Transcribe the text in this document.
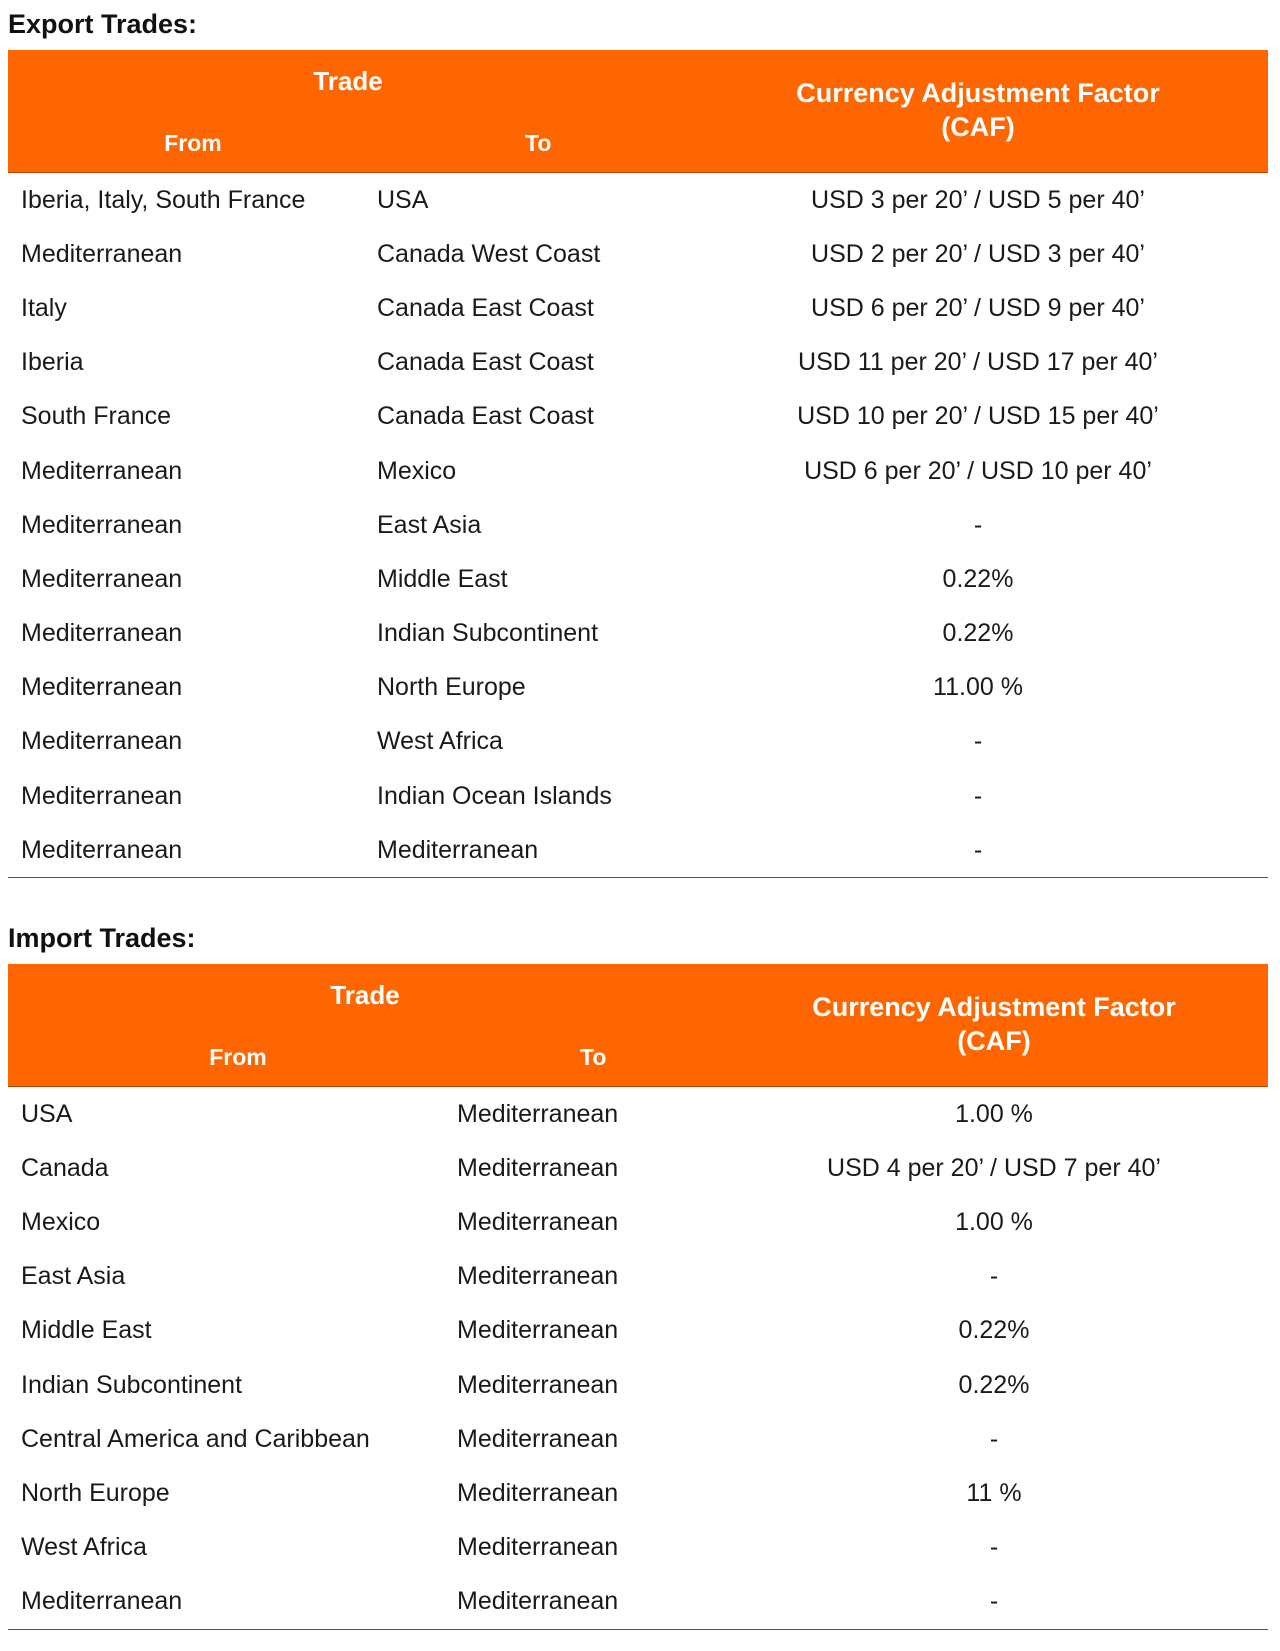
Export Trades:
Trade
From	To
Currency Adjustment Factor
(CAF)
Iberia, Italy, South France	USA	USD 3 per 20’ / USD 5 per 40’
Mediterranean	Canada West Coast	USD 2 per 20’ / USD 3 per 40’
Italy	Canada East Coast	USD 6 per 20’ / USD 9 per 40’
Iberia	Canada East Coast	USD 11 per 20’ / USD 17 per 40’
South France	Canada East Coast	USD 10 per 20’ / USD 15 per 40’
Mediterranean	Mexico	USD 6 per 20’ / USD 10 per 40’
Mediterranean	East Asia	-
Mediterranean	Middle East	0.22%
Mediterranean	Indian Subcontinent	0.22%
Mediterranean	North Europe	11.00 %
Mediterranean	West Africa	-
Mediterranean	Indian Ocean Islands	-
Mediterranean	Mediterranean	-
Import Trades:
Trade
From	To
Currency Adjustment Factor
(CAF)
USA	Mediterranean	1.00 %
Canada	Mediterranean	USD 4 per 20’ / USD 7 per 40’
Mexico	Mediterranean	1.00 %
East Asia	Mediterranean	-
Middle East	Mediterranean	0.22%
Indian Subcontinent	Mediterranean	0.22%
Central America and Caribbean	Mediterranean	-
North Europe	Mediterranean	11 %
West Africa	Mediterranean	-
Mediterranean	Mediterranean	-
